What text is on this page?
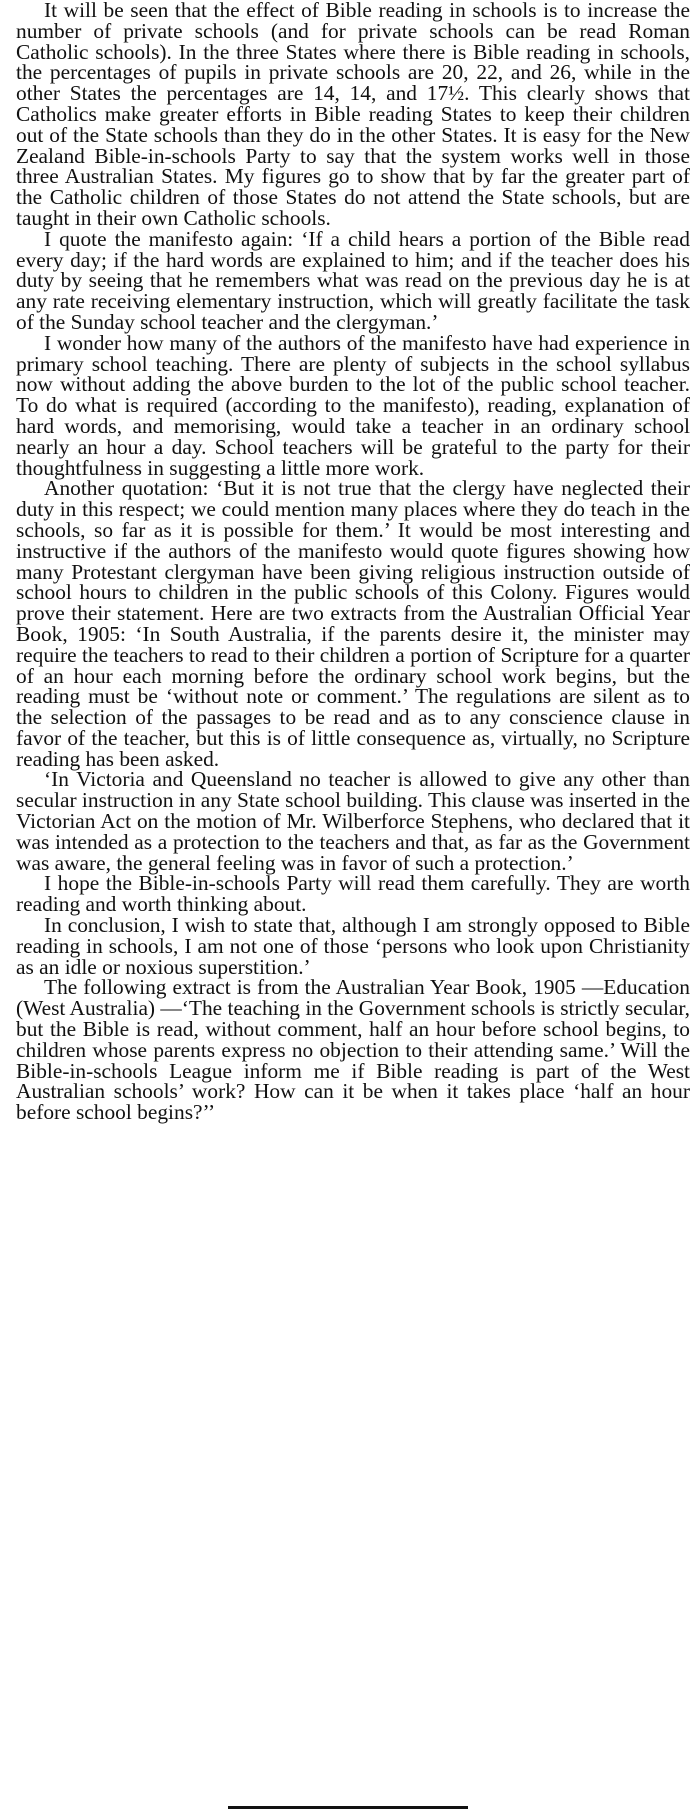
It will be seen that the effect of Bible reading in schools is to increase the number of private schools (and for private schools can be read Roman Catholic schools). In the three States where there is Bible reading in schools, the percentages of pupils in private schools are 20, 22, and 26, while in the other States the percentages are 14, 14, and 17½. This clearly shows that Catholics make greater efforts in Bible reading States to keep their children out of the State schools than they do in the other States. It is easy for the New Zealand Bible-in-schools Party to say that the system works well in those three Australian States. My figures go to show that by far the greater part of the Catholic children of those States do not attend the State schools, but are taught in their own Catholic schools.

I quote the manifesto again: ‘If a child hears a portion of the Bible read every day; if the hard words are explained to him; and if the teacher does his duty by seeing that he remembers what was read on the previous day he is at any rate receiving elementary instruction, which will greatly facilitate the task of the Sunday school teacher and the clergyman.’

I wonder how many of the authors of the manifesto have had experience in primary school teaching. There are plenty of subjects in the school syllabus now without adding the above burden to the lot of the public school teacher. To do what is required (according to the manifesto), reading, explanation of hard words, and memorising, would take a teacher in an ordinary school nearly an hour a day. School teachers will be grateful to the party for their thoughtfulness in suggesting a little more work.

Another quotation: ‘But it is not true that the clergy have neglected their duty in this respect; we could mention many places where they do teach in the schools, so far as it is possible for them.’ It would be most interesting and instructive if the authors of the manifesto would quote figures showing how many Protestant clergyman have been giving religious instruction outside of school hours to children in the public schools of this Colony. Figures would prove their statement. Here are two extracts from the Australian Official Year Book, 1905: ‘In South Australia, if the parents desire it, the minister may require the teachers to read to their children a portion of Scripture for a quarter of an hour each morning before the ordinary school work begins, but the reading must be ‘without note or comment.’ The regulations are silent as to the selection of the passages to be read and as to any conscience clause in favor of the teacher, but this is of little consequence as, virtually, no Scripture reading has been asked.

‘In Victoria and Queensland no teacher is allowed to give any other than secular instruction in any State school building. This clause was inserted in the Victorian Act on the motion of Mr. Wilberforce Stephens, who declared that it was intended as a protection to the teachers and that, as far as the Government was aware, the general feeling was in favor of such a protection.’

I hope the Bible-in-schools Party will read them carefully. They are worth reading and worth thinking about.

In conclusion, I wish to state that, although I am strongly opposed to Bible reading in schools, I am not one of those ‘persons who look upon Christianity as an idle or noxious superstition.’

The following extract is from the Australian Year Book, 1905 —Education (West Australia) —‘The teaching in the Government schools is strictly secular, but the Bible is read, without comment, half an hour before school begins, to children whose parents express no objection to their attending same.’ Will the Bible-in-schools League inform me if Bible reading is part of the West Australian schools’ work? How can it be when it takes place ‘half an hour before school begins?’’
